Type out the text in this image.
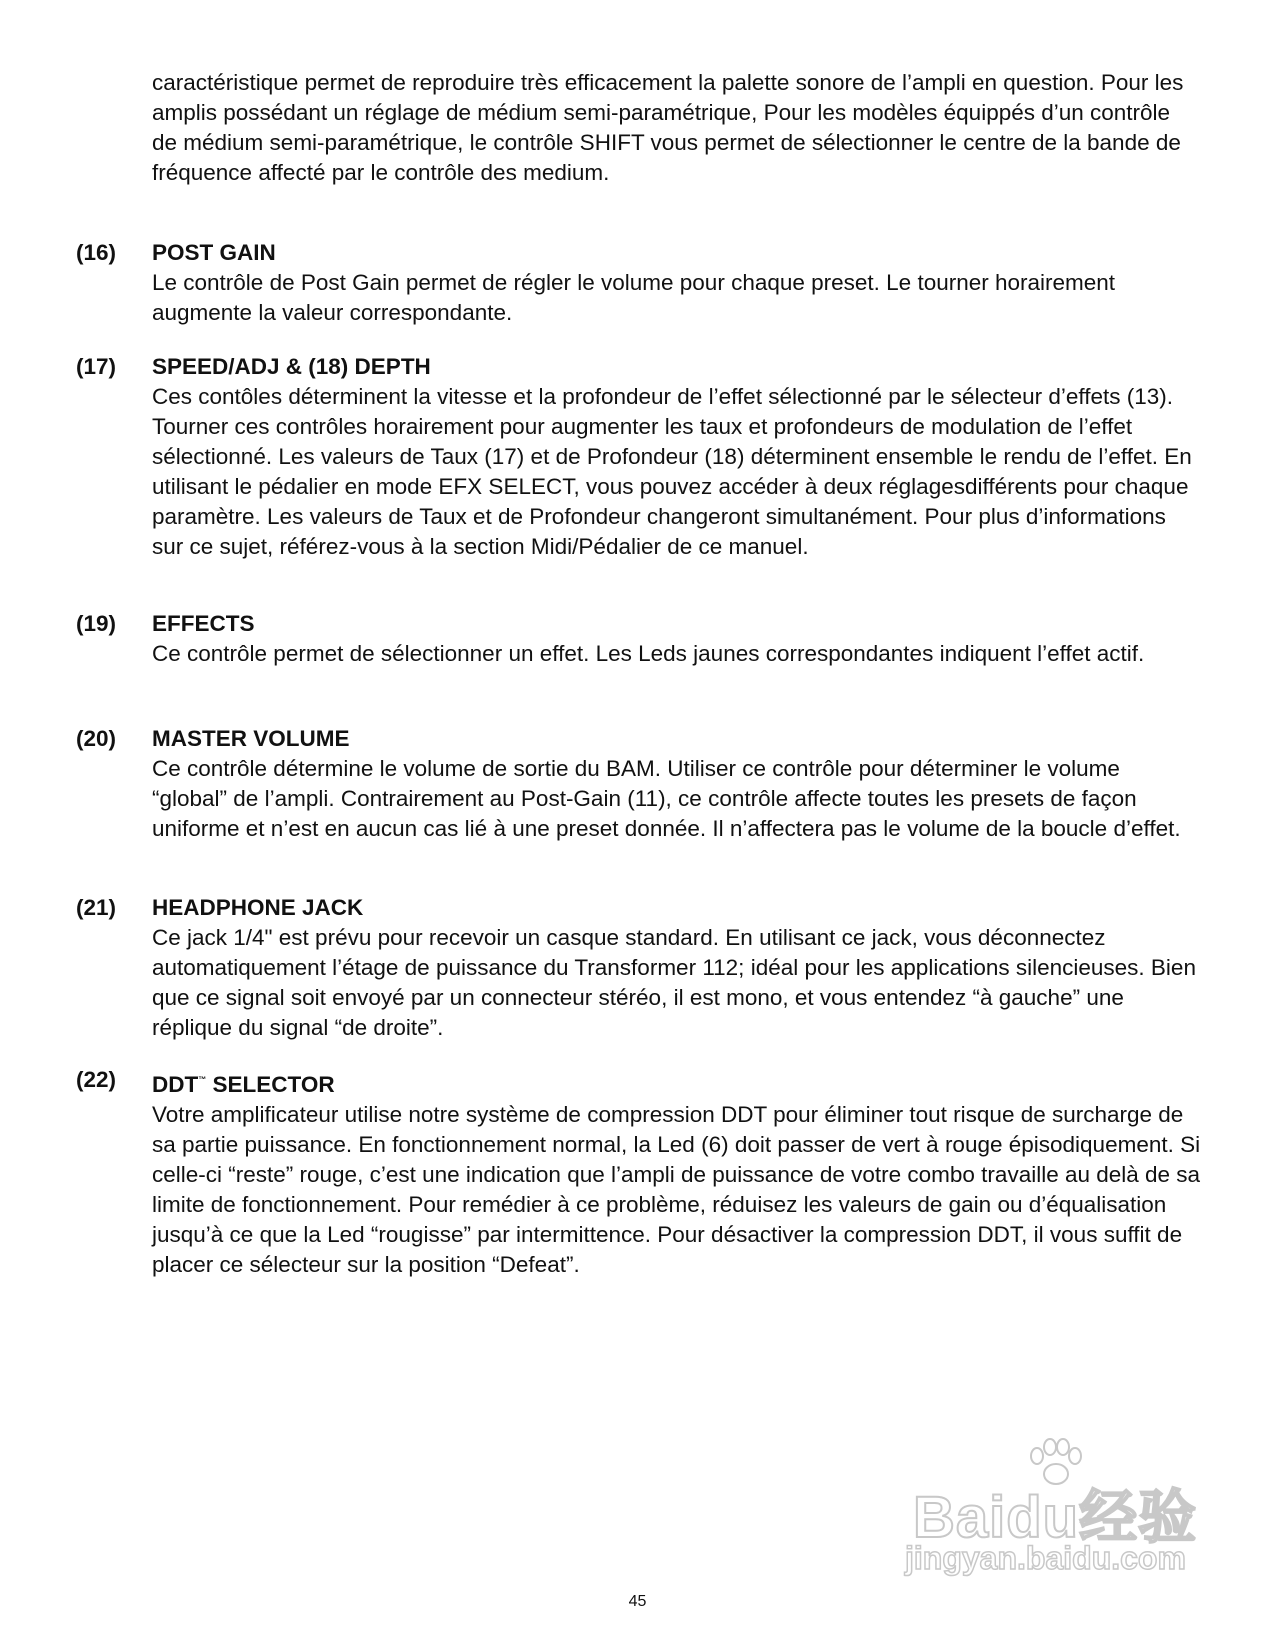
caractéristique permet de reproduire très efficacement la palette sonore de l’ampli en question. Pour les amplis possédant un réglage de médium semi-paramétrique, Pour les modèles équippés d’un contrôle de médium semi-paramétrique, le contrôle SHIFT vous permet de sélectionner le centre de la bande de fréquence affecté par le contrôle des medium.

(16)	POST GAIN

Le contrôle de Post Gain permet de régler le volume pour chaque preset. Le tourner horairement augmente la valeur correspondante.

(17)	SPEED/ADJ & (18) DEPTH

Ces contôles déterminent la vitesse et la profondeur de l’effet sélectionné par le sélecteur d’effets (13). Tourner ces contrôles horairement pour augmenter les taux et profondeurs de modulation de l’effet sélectionné. Les valeurs de Taux (17) et de Profondeur (18) déterminent ensemble le rendu de l’effet. En utilisant le pédalier en mode EFX SELECT, vous pouvez accéder à deux réglagesdifférents pour chaque paramètre. Les valeurs de Taux et de Profondeur changeront simultanément. Pour plus d’informations sur ce sujet, référez-vous à la section Midi/Pédalier de ce manuel.

(19)	EFFECTS

Ce contrôle permet de sélectionner un effet. Les Leds jaunes correspondantes indiquent l’effet actif.

(20)	MASTER VOLUME

Ce contrôle détermine le volume de sortie du BAM. Utiliser ce contrôle pour déterminer le volume “global” de l’ampli. Contrairement au Post-Gain (11), ce contrôle affecte toutes les presets de façon uniforme et n’est en aucun cas lié à une preset donnée. Il n’affectera pas le volume de la boucle d’effet.

(21)	HEADPHONE JACK

Ce jack 1/4" est prévu pour recevoir un casque standard. En utilisant ce jack, vous déconnectez automatiquement l’étage de puissance du Transformer 112; idéal pour les applications silencieuses. Bien que ce signal soit envoyé par un connecteur stéréo, il est mono, et vous entendez “à gauche” une réplique du signal “de droite”.

(22)	DDT™ SELECTOR

Votre amplificateur utilise notre système de compression DDT pour éliminer tout risque de surcharge de sa partie puissance. En fonctionnement normal, la Led (6) doit passer de vert à rouge épisodiquement. Si celle-ci “reste” rouge, c’est une indication que l’ampli de puissance de votre combo travaille au delà de sa limite de fonctionnement. Pour remédier à ce problème, réduisez les valeurs de gain ou d’équalisation jusqu’à ce que la Led “rougisse” par intermittence. Pour désactiver la compression DDT, il vous suffit de placer ce sélecteur sur la position “Defeat”.

Baidu经验
jingyan.baidu.com
45
